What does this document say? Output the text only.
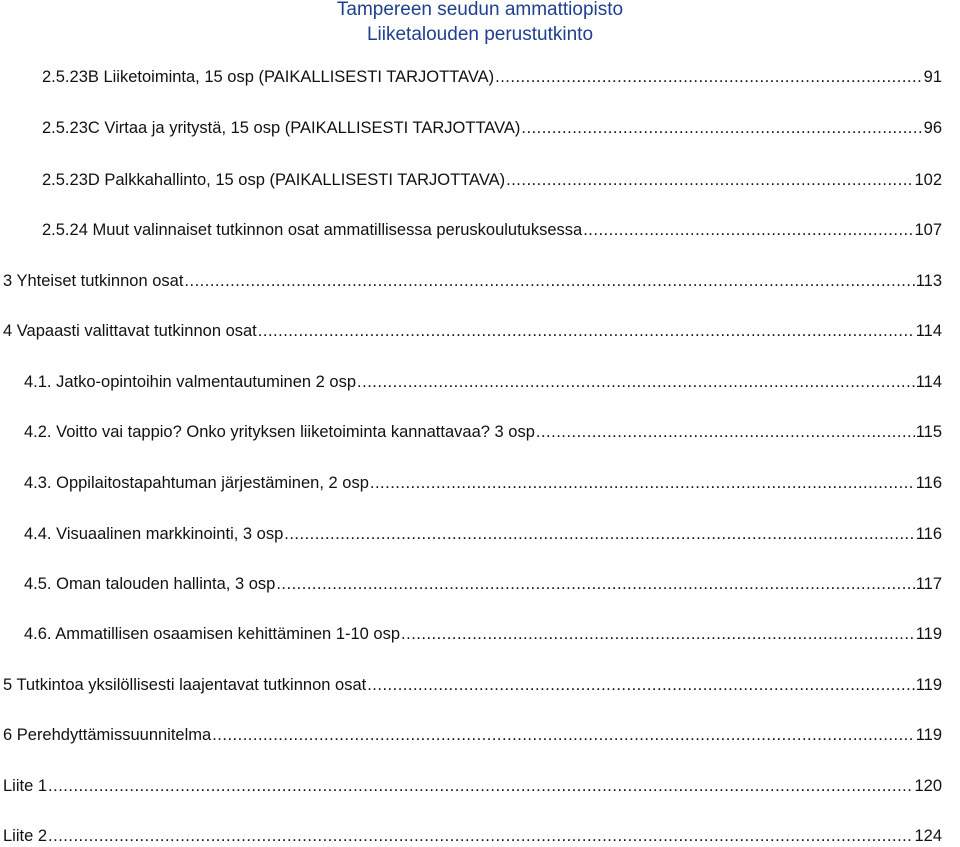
Tampereen seudun ammattiopisto
Liiketalouden perustutkinto
2.5.23B Liiketoiminta, 15 osp (PAIKALLISESTI TARJOTTAVA) .....	91
2.5.23C Virtaa ja yritystä, 15 osp (PAIKALLISESTI TARJOTTAVA) .....	96
2.5.23D Palkkahallinto, 15 osp (PAIKALLISESTI TARJOTTAVA) .....	102
2.5.24 Muut valinnaiset tutkinnon osat ammatillisessa peruskoulutuksessa .....	107
3 Yhteiset tutkinnon osat .....	113
4 Vapaasti valittavat tutkinnon osat .....	114
4.1. Jatko-opintoihin valmentautuminen 2 osp .....	114
4.2. Voitto vai tappio? Onko yrityksen liiketoiminta kannattavaa? 3 osp .....	115
4.3. Oppilaitostapahtuman järjestäminen, 2 osp .....	116
4.4. Visuaalinen markkinointi, 3 osp .....	116
4.5. Oman talouden hallinta, 3 osp .....	117
4.6. Ammatillisen osaamisen kehittäminen 1-10 osp .....	119
5 Tutkintoa yksilöllisesti laajentavat tutkinnon osat .....	119
6 Perehdyttämissuunnitelma .....	119
Liite 1 .....	120
Liite 2 .....	124
